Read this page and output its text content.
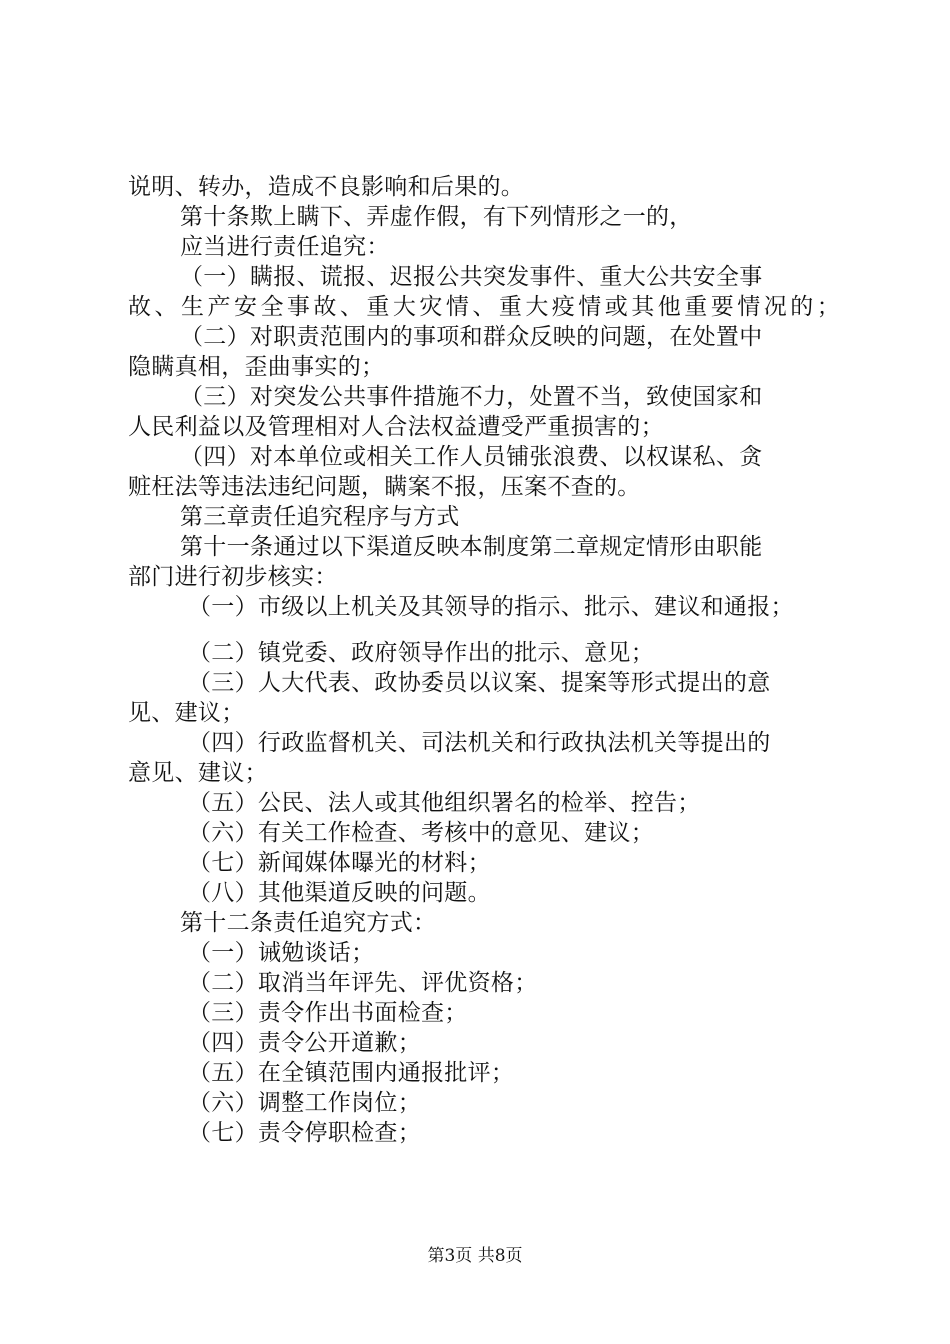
说明、转办，造成不良影响和后果的。
第十条欺上瞒下、弄虚作假，有下列情形之一的，
应当进行责任追究：
（一）瞒报、谎报、迟报公共突发事件、重大公共安全事
故、生产安全事故、重大灾情、重大疫情或其他重要情况的；
（二）对职责范围内的事项和群众反映的问题，在处置中
隐瞒真相，歪曲事实的；
（三）对突发公共事件措施不力，处置不当，致使国家和
人民利益以及管理相对人合法权益遭受严重损害的；
（四）对本单位或相关工作人员铺张浪费、以权谋私、贪
赃枉法等违法违纪问题，瞒案不报，压案不查的。
第三章责任追究程序与方式
第十一条通过以下渠道反映本制度第二章规定情形由职能
部门进行初步核实：
（一）市级以上机关及其领导的指示、批示、建议和通报；
（二）镇党委、政府领导作出的批示、意见；
（三）人大代表、政协委员以议案、提案等形式提出的意
见、建议；
（四）行政监督机关、司法机关和行政执法机关等提出的
意见、建议；
（五）公民、法人或其他组织署名的检举、控告；
（六）有关工作检查、考核中的意见、建议；
（七）新闻媒体曝光的材料；
（八）其他渠道反映的问题。
第十二条责任追究方式：
（一）诫勉谈话；
（二）取消当年评先、评优资格；
（三）责令作出书面检查；
（四）责令公开道歉；
（五）在全镇范围内通报批评；
（六）调整工作岗位；
（七）责令停职检查；
第3页 共8页
